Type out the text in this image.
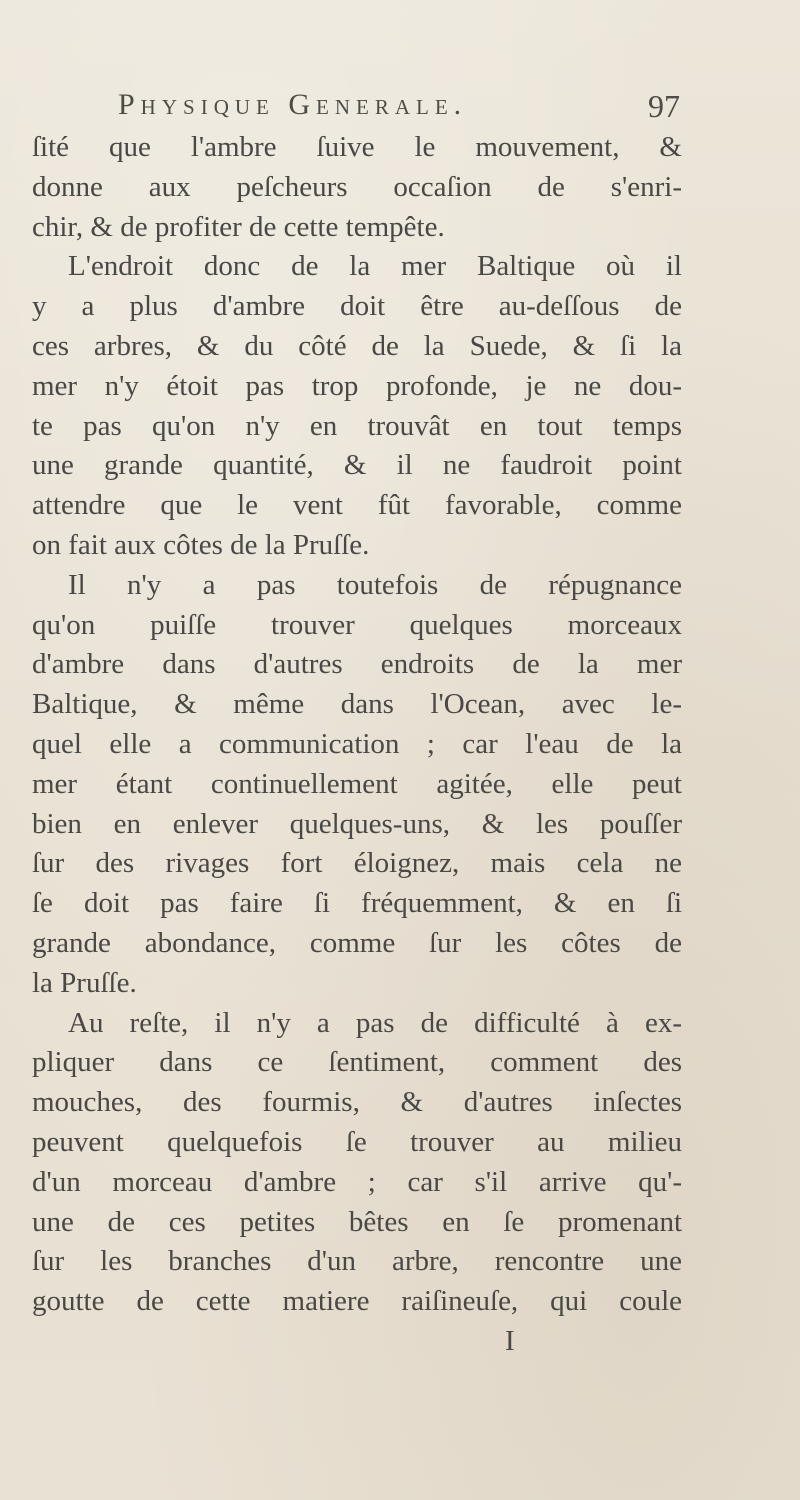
Physique Generale.	97
ſité que l'ambre ſuive le mouvement, &
donne aux peſcheurs occaſion de s'enri-
chir, & de profiter de cette tempête.
L'endroit donc de la mer Baltique où il
y a plus d'ambre doit être au-deſſous de
ces arbres, & du côté de la Suede, & ſi la
mer n'y étoit pas trop profonde, je ne dou-
te pas qu'on n'y en trouvât en tout temps
une grande quantité, & il ne faudroit point
attendre que le vent fût favorable, comme
on fait aux côtes de la Pruſſe.
Il n'y a pas toutefois de répugnance
qu'on puiſſe trouver quelques morceaux
d'ambre dans d'autres endroits de la mer
Baltique, & même dans l'Ocean, avec le-
quel elle a communication ; car l'eau de la
mer étant continuellement agitée, elle peut
bien en enlever quelques-uns, & les pouſſer
ſur des rivages fort éloignez, mais cela ne
ſe doit pas faire ſi fréquemment, & en ſi
grande abondance, comme ſur les côtes de
la Pruſſe.
Au reſte, il n'y a pas de difficulté à ex-
pliquer dans ce ſentiment, comment des
mouches, des fourmis, & d'autres inſectes
peuvent quelquefois ſe trouver au milieu
d'un morceau d'ambre ; car s'il arrive qu'-
une de ces petites bêtes en ſe promenant
ſur les branches d'un arbre, rencontre une
goutte de cette matiere raiſineuſe, qui coule
I
